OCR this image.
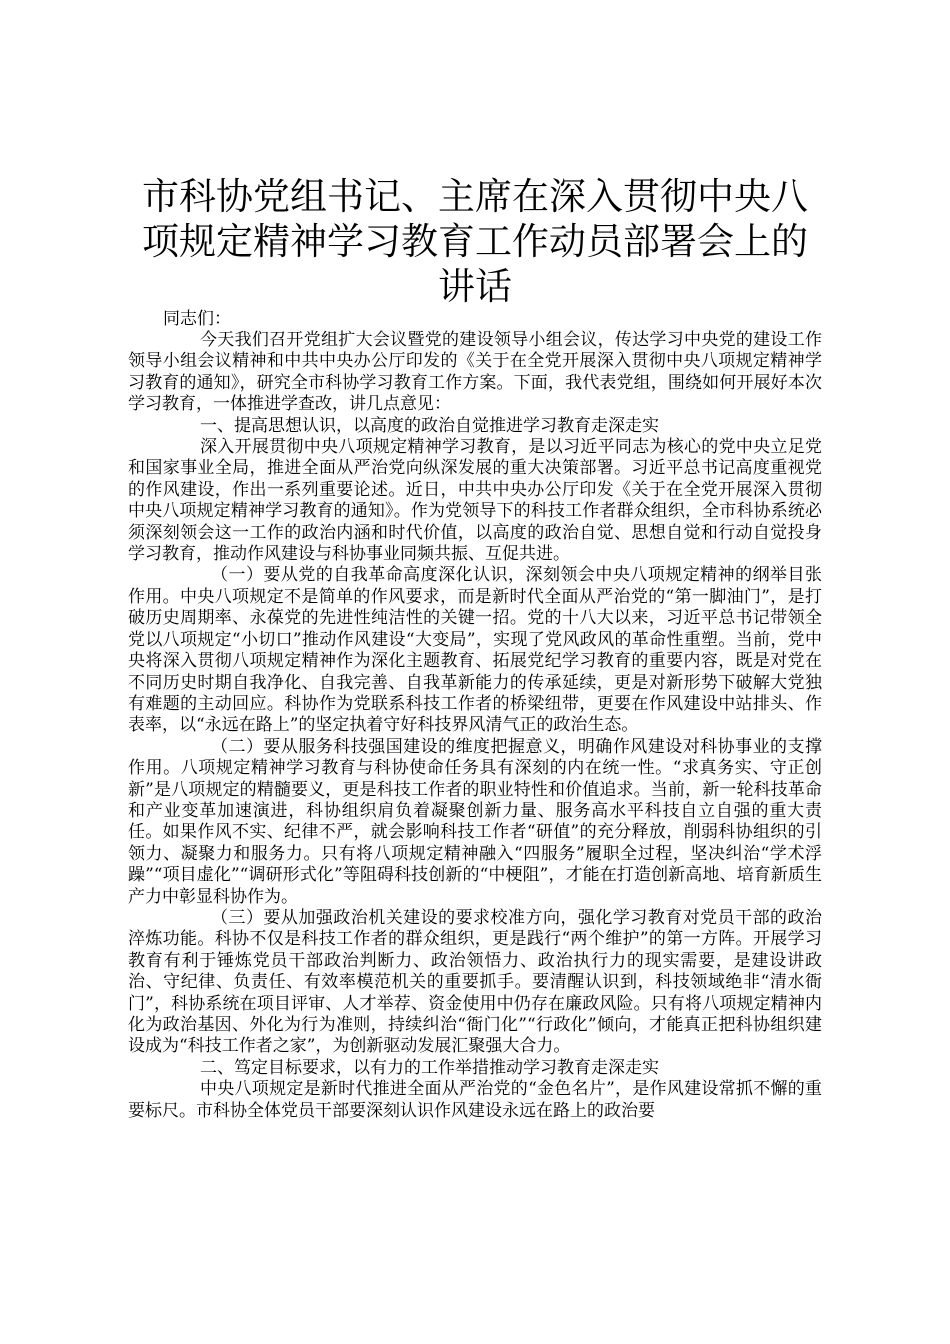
市科协党组书记、主席在深入贯彻中央八项规定精神学习教育工作动员部署会上的讲话

同志们：

今天我们召开党组扩大会议暨党的建设领导小组会议，传达学习中央党的建设工作领导小组会议精神和中共中央办公厅印发的《关于在全党开展深入贯彻中央八项规定精神学习教育的通知》，研究全市科协学习教育工作方案。下面，我代表党组，围绕如何开展好本次学习教育，一体推进学查改，讲几点意见：

一、提高思想认识，以高度的政治自觉推进学习教育走深走实

深入开展贯彻中央八项规定精神学习教育，是以习近平同志为核心的党中央立足党和国家事业全局，推进全面从严治党向纵深发展的重大决策部署。习近平总书记高度重视党的作风建设，作出一系列重要论述。近日，中共中央办公厅印发《关于在全党开展深入贯彻中央八项规定精神学习教育的通知》。作为党领导下的科技工作者群众组织，全市科协系统必须深刻领会这一工作的政治内涵和时代价值，以高度的政治自觉、思想自觉和行动自觉投身学习教育，推动作风建设与科协事业同频共振、互促共进。

（一）要从党的自我革命高度深化认识，深刻领会中央八项规定精神的纲举目张作用。中央八项规定不是简单的作风要求，而是新时代全面从严治党的“第一脚油门”，是打破历史周期率、永葆党的先进性纯洁性的关键一招。党的十八大以来，习近平总书记带领全党以八项规定“小切口”推动作风建设“大变局”，实现了党风政风的革命性重塑。当前，党中央将深入贯彻八项规定精神作为深化主题教育、拓展党纪学习教育的重要内容，既是对党在不同历史时期自我净化、自我完善、自我革新能力的传承延续，更是对新形势下破解大党独有难题的主动回应。科协作为党联系科技工作者的桥梁纽带，更要在作风建设中站排头、作表率，以“永远在路上”的坚定执着守好科技界风清气正的政治生态。

（二）要从服务科技强国建设的维度把握意义，明确作风建设对科协事业的支撑作用。八项规定精神学习教育与科协使命任务具有深刻的内在统一性。“求真务实、守正创新”是八项规定的精髓要义，更是科技工作者的职业特性和价值追求。当前，新一轮科技革命和产业变革加速演进，科协组织肩负着凝聚创新力量、服务高水平科技自立自强的重大责任。如果作风不实、纪律不严，就会影响科技工作者“研值”的充分释放，削弱科协组织的引领力、凝聚力和服务力。只有将八项规定精神融入“四服务”履职全过程，坚决纠治“学术浮躁”“项目虚化”“调研形式化”等阻碍科技创新的“中梗阻”，才能在打造创新高地、培育新质生产力中彰显科协作为。

（三）要从加强政治机关建设的要求校准方向，强化学习教育对党员干部的政治淬炼功能。科协不仅是科技工作者的群众组织，更是践行“两个维护”的第一方阵。开展学习教育有利于锤炼党员干部政治判断力、政治领悟力、政治执行力的现实需要，是建设讲政治、守纪律、负责任、有效率模范机关的重要抓手。要清醒认识到，科技领域绝非“清水衙门”，科协系统在项目评审、人才举荐、资金使用中仍存在廉政风险。只有将八项规定精神内化为政治基因、外化为行为准则，持续纠治“衙门化”“行政化”倾向，才能真正把科协组织建设成为“科技工作者之家”，为创新驱动发展汇聚强大合力。

二、笃定目标要求，以有力的工作举措推动学习教育走深走实

中央八项规定是新时代推进全面从严治党的“金色名片”，是作风建设常抓不懈的重要标尺。市科协全体党员干部要深刻认识作风建设永远在路上的政治要
